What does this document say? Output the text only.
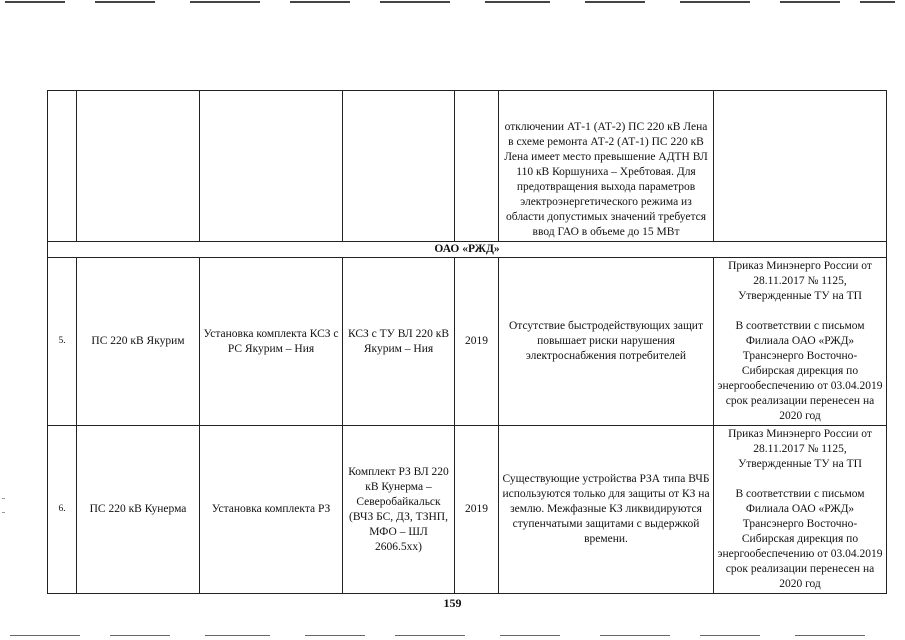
					отключении АТ-1 (АТ-2) ПС 220 кВ Лена в схеме ремонта АТ-2 (АТ-1) ПС 220 кВ Лена имеет место превышение АДТН ВЛ 110 кВ Коршуниха – Хребтовая. Для предотвращения выхода параметров электроэнергетического режима из области допустимых значений требуется ввод ГАО в объеме до 15 МВт	
ОАО «РЖД»						
5.	ПС 220 кВ Якурим	Установка комплекта КСЗ с РС Якурим – Ния	КСЗ с ТУ ВЛ 220 кВ Якурим – Ния	2019	Отсутствие быстродействующих защит повышает риски нарушения электроснабжения потребителей	Приказ Минэнерго России от 28.11.2017 № 1125, Утвержденные ТУ на ТП

В соответствии с письмом Филиала ОАО «РЖД» Трансэнерго Восточно-Сибирская дирекция по энергообеспечению от 03.04.2019 срок реализации перенесен на 2020 год

6.	ПС 220 кВ Кунерма	Установка комплекта РЗ	Комплект РЗ ВЛ 220 кВ Кунерма – Северобайкальск (ВЧЗ БС, ДЗ, ТЗНП, МФО – ШЛ 2606.5хх)	2019	Существующие устройства РЗА типа ВЧБ используются только для защиты от КЗ на землю. Межфазные КЗ ликвидируются ступенчатыми защитами с выдержкой времени.	Приказ Минэнерго России от 28.11.2017 № 1125, Утвержденные ТУ на ТП

В соответствии с письмом Филиала ОАО «РЖД» Трансэнерго Восточно-Сибирская дирекция по энергообеспечению от 03.04.2019 срок реализации перенесен на 2020 год

159
